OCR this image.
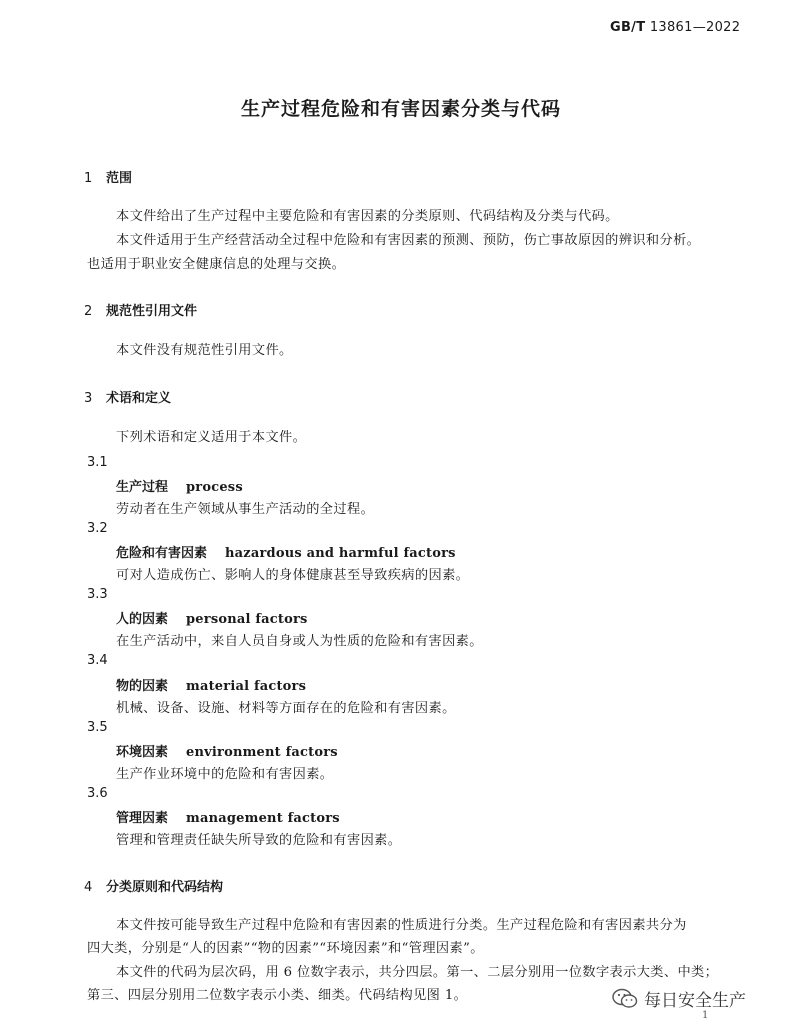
GB/T 13861—2022
生产过程危险和有害因素分类与代码
1 范围
本文件给出了生产过程中主要危险和有害因素的分类原则、代码结构及分类与代码。
本文件适用于生产经营活动全过程中危险和有害因素的预测、预防，伤亡事故原因的辨识和分析。
也适用于职业安全健康信息的处理与交换。
2 规范性引用文件
本文件没有规范性引用文件。
3 术语和定义
下列术语和定义适用于本文件。
3.1
生产过程 process
劳动者在生产领域从事生产活动的全过程。
3.2
危险和有害因素 hazardous and harmful factors
可对人造成伤亡、影响人的身体健康甚至导致疾病的因素。
3.3
人的因素 personal factors
在生产活动中，来自人员自身或人为性质的危险和有害因素。
3.4
物的因素 material factors
机械、设备、设施、材料等方面存在的危险和有害因素。
3.5
环境因素 environment factors
生产作业环境中的危险和有害因素。
3.6
管理因素 management factors
管理和管理责任缺失所导致的危险和有害因素。
4 分类原则和代码结构
本文件按可能导致生产过程中危险和有害因素的性质进行分类。生产过程危险和有害因素共分为
四大类，分别是“人的因素”“物的因素”“环境因素”和“管理因素”。
本文件的代码为层次码，用 6 位数字表示，共分四层。第一、二层分别用一位数字表示大类、中类；
第三、四层分别用二位数字表示小类、细类。代码结构见图 1。	每日安全生产
1
